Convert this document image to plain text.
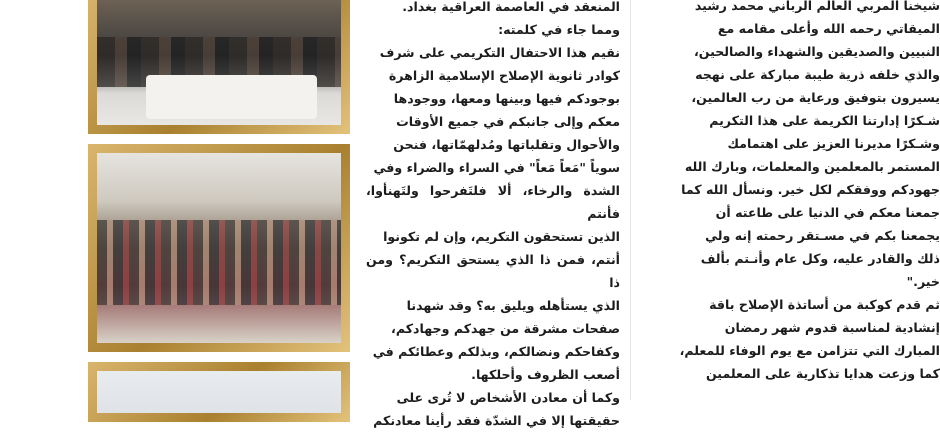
المنعقد في العاصمة العراقية بغداد.

ومما جاء في كلمته:

نقيم هذا الاحتفال التكريمي على شرف

كوادر ثانوية الإصلاح الإسلامية الزاهرة

بوجودكم فيها وبينها ومعها، ووجودها

معكم وإلى جانبكم في جميع الأوقات

والأحوال وتقلباتها ومُدلهمّاتها، فنحن

سوياً "مَعاً مَعاً" في السراء والضراء وفي

الشدة والرخاء، ألا فلتَفرحوا ولتَهنأوا، فأنتم

الذين تستحقون التكريم، وإن لم تكونوا

أنتم، فمن ذا الذي يستحق التكريم؟ ومن ذا

الذي يستأهله ويليق به؟ وقد شهدنا

صفحات مشرقة من جهدكم وجهادكم،

وكفاحكم ونضالكم، وبذلكم وعطائكم في

أصعب الظروف وأحلكها.

وكما أن معادن الأشخاص لا تُرى على

حقيقتها إلا في الشدّة فقد رأينا معادنكم

شيخنا المربي العالم الرباني محمد رشيد

الميقاتي رحمه الله وأعلى مقامه مع

النبيين والصديقين والشهداء والصالحين،

والذي خلفه ذرية طيبة مباركة على نهجه

يسيرون بتوفيق ورعاية من رب العالمين،

شـكرًا إدارتنا الكريمة على هذا التكريم

وشـكرًا مديرنا العزيز على اهتمامك

المستمر بالمعلمين والمعلمات، وبارك الله

جهودكم ووفقكم لكل خير. ونسأل الله كما

جمعنا معكم في الدنيا على طاعته أن

يجمعنا بكم في مسـتقر رحمته إنه ولي

ذلك والقادر عليه، وكل عام وأنـتم بألف

خير."

ثم قدم كوكبة من أساتذة الإصلاح باقة

إنشادية لمناسبة قدوم شهر رمضان

المبارك التي تتزامن مع يوم الوفاء للمعلم،

كما وزعت هدايا تذكارية على المعلمين
